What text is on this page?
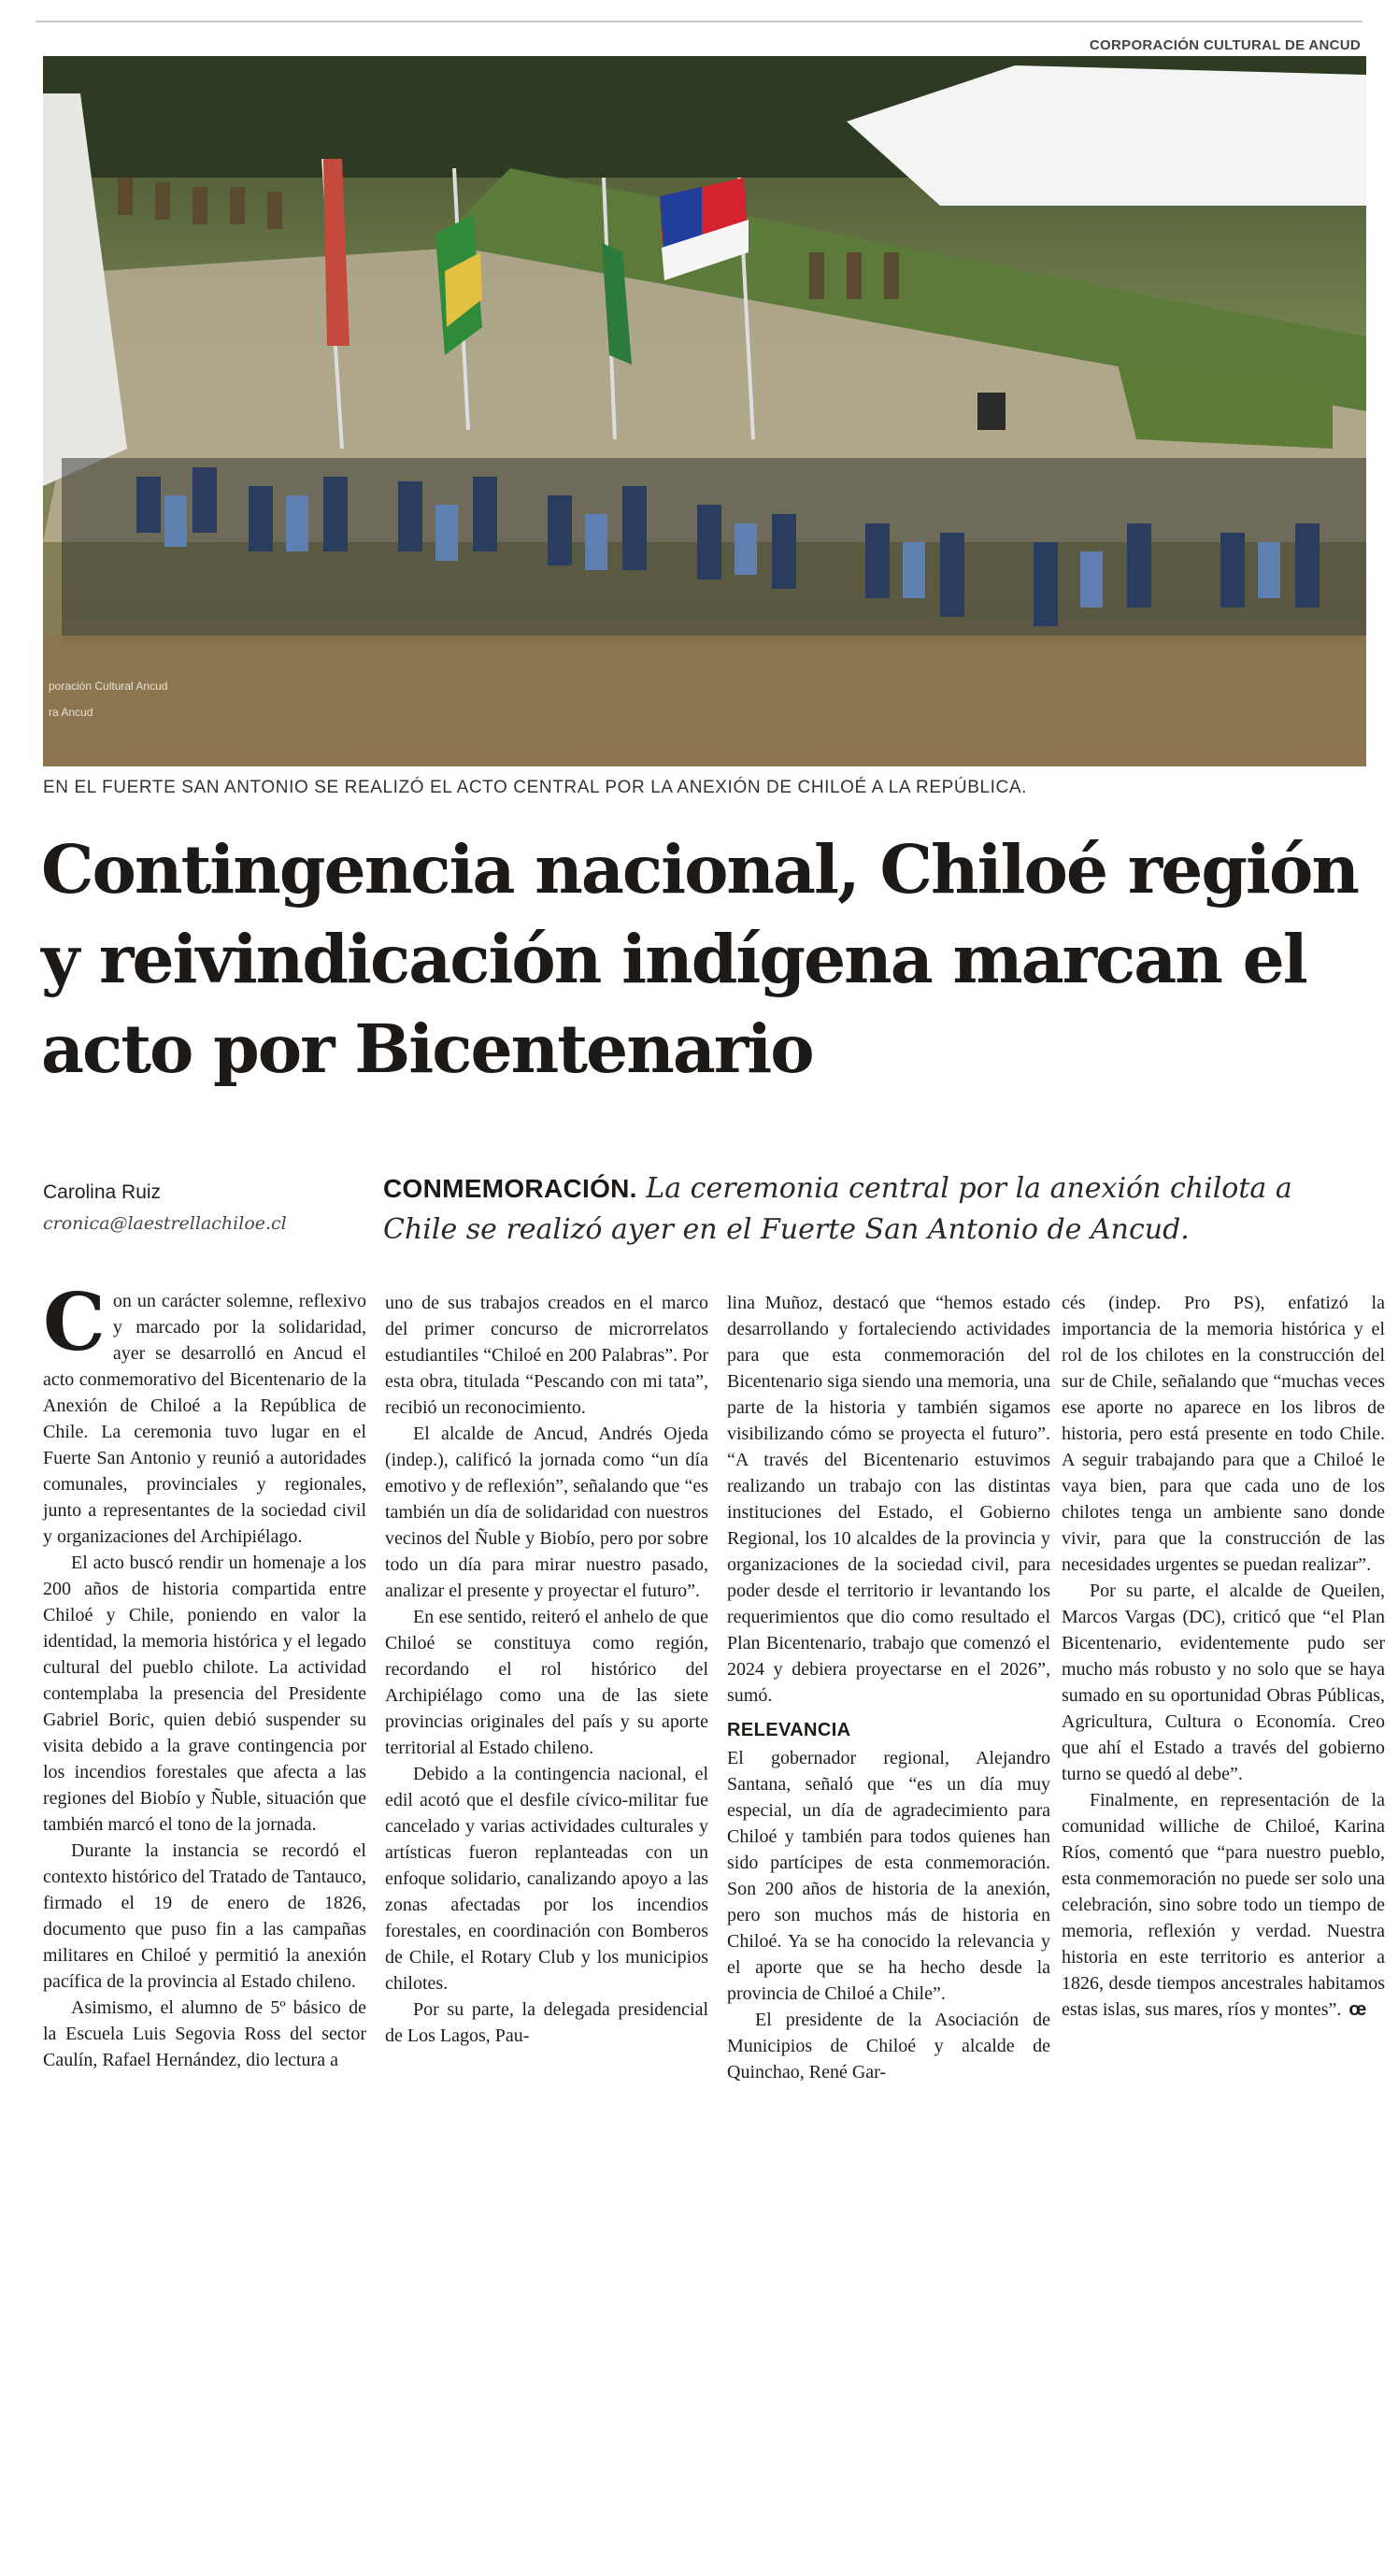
CORPORACIÓN CULTURAL DE ANCUD
poración Cultural Ancud
ra Ancud
EN EL FUERTE SAN ANTONIO SE REALIZÓ EL ACTO CENTRAL POR LA ANEXIÓN DE CHILOÉ A LA REPÚBLICA.
Contingencia nacional, Chiloé región y reivindicación indígena marcan el acto por Bicentenario
Carolina Ruiz
cronica@laestrellachiloe.cl
CONMEMORACIÓN. La ceremonia central por la anexión chilota a Chile se realizó ayer en el Fuerte San Antonio de Ancud.

Con un carácter solemne, reflexivo y marcado por la solidaridad, ayer se desarrolló en Ancud el acto conmemorativo del Bicentenario de la Anexión de Chiloé a la República de Chile. La ceremonia tuvo lugar en el Fuerte San Antonio y reunió a autoridades comunales, provinciales y regionales, junto a representantes de la sociedad civil y organizaciones del Archipiélago.

El acto buscó rendir un homenaje a los 200 años de historia compartida entre Chiloé y Chile, poniendo en valor la identidad, la memoria histórica y el legado cultural del pueblo chilote. La actividad contemplaba la presencia del Presidente Gabriel Boric, quien debió suspender su visita debido a la grave contingencia por los incendios forestales que afecta a las regiones del Biobío y Ñuble, situación que también marcó el tono de la jornada.

Durante la instancia se recordó el contexto histórico del Tratado de Tantauco, firmado el 19 de enero de 1826, documento que puso fin a las campañas militares en Chiloé y permitió la anexión pacífica de la provincia al Estado chileno.

Asimismo, el alumno de 5º básico de la Escuela Luis Segovia Ross del sector Caulín, Rafael Hernández, dio lectura a

uno de sus trabajos creados en el marco del primer concurso de microrrelatos estudiantiles “Chiloé en 200 Palabras”. Por esta obra, titulada “Pescando con mi tata”, recibió un reconocimiento.

El alcalde de Ancud, Andrés Ojeda (indep.), calificó la jornada como “un día emotivo y de reflexión”, señalando que “es también un día de solidaridad con nuestros vecinos del Ñuble y Biobío, pero por sobre todo un día para mirar nuestro pasado, analizar el presente y proyectar el futuro”.

En ese sentido, reiteró el anhelo de que Chiloé se constituya como región, recordando el rol histórico del Archipiélago como una de las siete provincias originales del país y su aporte territorial al Estado chileno.

Debido a la contingencia nacional, el edil acotó que el desfile cívico-militar fue cancelado y varias actividades culturales y artísticas fueron replanteadas con un enfoque solidario, canalizando apoyo a las zonas afectadas por los incendios forestales, en coordinación con Bomberos de Chile, el Rotary Club y los municipios chilotes.

Por su parte, la delegada presidencial de Los Lagos, Pau-

lina Muñoz, destacó que “hemos estado desarrollando y fortaleciendo actividades para que esta conmemoración del Bicentenario siga siendo una memoria, una parte de la historia y también sigamos visibilizando cómo se proyecta el futuro”. “A través del Bicentenario estuvimos realizando un trabajo con las distintas instituciones del Estado, el Gobierno Regional, los 10 alcaldes de la provincia y organizaciones de la sociedad civil, para poder desde el territorio ir levantando los requerimientos que dio como resultado el Plan Bicentenario, trabajo que comenzó el 2024 y debiera proyectarse en el 2026”, sumó.

RELEVANCIA

El gobernador regional, Alejandro Santana, señaló que “es un día muy especial, un día de agradecimiento para Chiloé y también para todos quienes han sido partícipes de esta conmemoración. Son 200 años de historia de la anexión, pero son muchos más de historia en Chiloé. Ya se ha conocido la relevancia y el aporte que se ha hecho desde la provincia de Chiloé a Chile”.

El presidente de la Asociación de Municipios de Chiloé y alcalde de Quinchao, René Gar-

cés (indep. Pro PS), enfatizó la importancia de la memoria histórica y el rol de los chilotes en la construcción del sur de Chile, señalando que “muchas veces ese aporte no aparece en los libros de historia, pero está presente en todo Chile. A seguir trabajando para que a Chiloé le vaya bien, para que cada uno de los chilotes tenga un ambiente sano donde vivir, para que la construcción de las necesidades urgentes se puedan realizar”.

Por su parte, el alcalde de Queilen, Marcos Vargas (DC), criticó que “el Plan Bicentenario, evidentemente pudo ser mucho más robusto y no solo que se haya sumado en su oportunidad Obras Públicas, Agricultura, Cultura o Economía. Creo que ahí el Estado a través del gobierno turno se quedó al debe”.

Finalmente, en representación de la comunidad williche de Chiloé, Karina Ríos, comentó que “para nuestro pueblo, esta conmemoración no puede ser solo una celebración, sino sobre todo un tiempo de memoria, reflexión y verdad. Nuestra historia en este territorio es anterior a 1826, desde tiempos ancestrales habitamos estas islas, sus mares, ríos y montes”. œ
